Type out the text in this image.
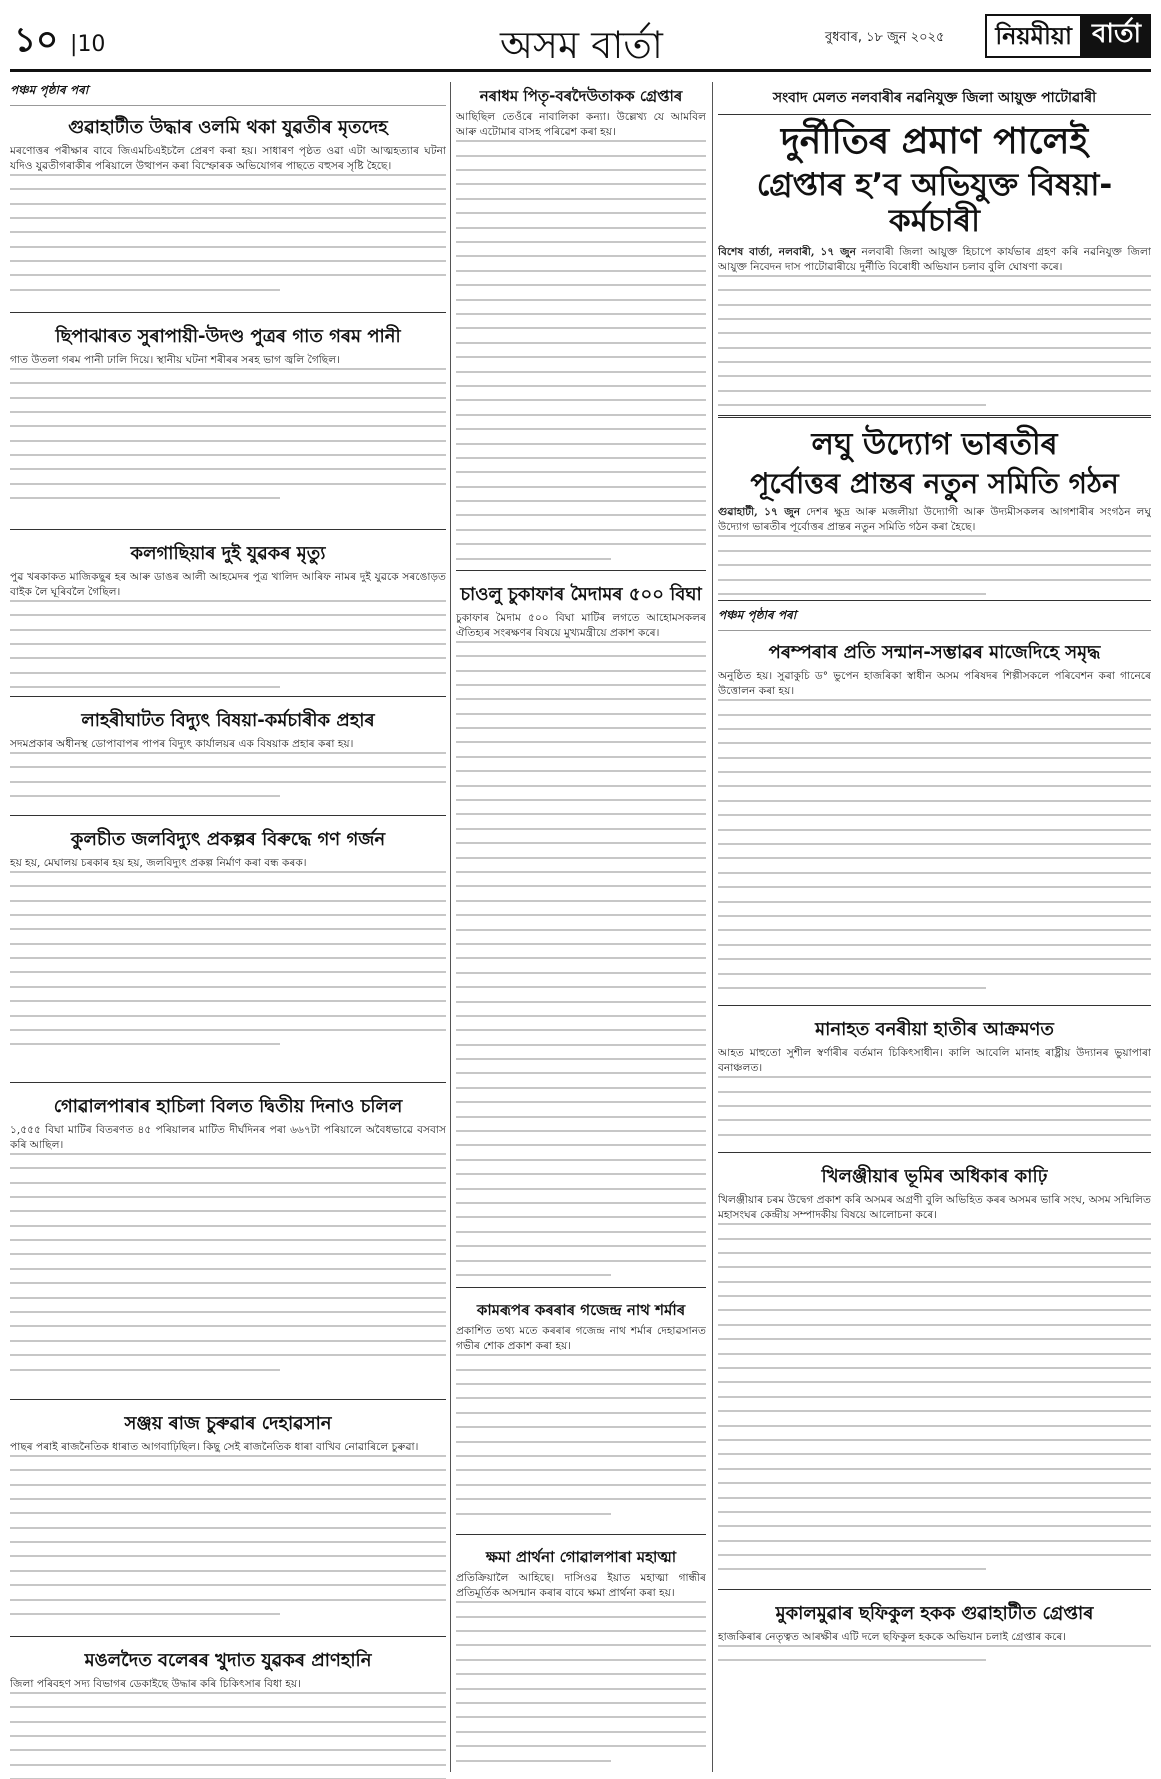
১০ |10	অসম বাৰ্তা	বুধবাৰ, ১৮ জুন ২০২৫	নিয়মীয়া বাৰ্তা
পঞ্চম পৃষ্ঠাৰ পৰা
গুৱাহাটীত উদ্ধাৰ ওলমি থকা যুৱতীৰ মৃতদেহ
মৰণোত্তৰ পৰীক্ষাৰ বাবে জিএমচিএইচলৈ প্ৰেৰণ কৰা হয়। সাধাৰণ পৃষ্ঠত ওৱা এটা আত্মহত্যাৰ ঘটনা যদিও যুৱতীগৰাকীৰ পৰিয়ালে উত্থাপন কৰা বিস্ফোৰক অভিযোগৰ পাছতে বহুসৰ সৃষ্টি হৈছে।
ছিপাঝাৰত সুৰাপায়ী-উদণ্ড পুত্ৰৰ গাত গৰম পানী
গাত উতলা গৰম পানী ঢালি দিয়ে। স্থানীয় ঘটনা শৰীৰৰ সৰহ ভাগ জ্বলি গৈছিল।
কলগাছিয়াৰ দুই যুৱকৰ মৃত্যু
পুৱ খৰকাকত মাজিকছুৰ হৰ আৰু ডাঙৰ আলী আহমেদৰ পুত্ৰ খালিদ আৰিফ নামৰ দুই যুৱকে সৰঙোড়ত বাইক লৈ ঘূৰিবলৈ গৈছিল।
লাহৰীঘাটত বিদ্যুৎ বিষয়া-কৰ্মচাৰীক প্ৰহাৰ
সদমপ্ৰকাৰ অধীনস্থ ডোপাবাপৰ পাপৰ বিদ্যুৎ কাৰ্যালয়ৰ এক বিষয়াক প্ৰহাৰ কৰা হয়।
কুলচীত জলবিদ্যুৎ প্ৰকল্পৰ বিৰুদ্ধে গণ গৰ্জন
হয় হয়, মেঘালয় চৰকাৰ হয় হয়, জলবিদ্যুৎ প্ৰকল্প নিৰ্মাণ কৰা বন্ধ কৰক।
গোৱালপাৰাৰ হাচিলা বিলত দ্বিতীয় দিনাও চলিল
১,৫৫৫ বিঘা মাটিৰ বিতৰণত ৪৫ পৰিয়ালৰ মাটিত দীৰ্ঘদিনৰ পৰা ৬৬৭টা পৰিয়ালে অবৈধভাৱে বসবাস কৰি আছিল।
সঞ্জয় ৰাজ চুৰুৱাৰ দেহাৱসান
পাছৰ পৰাই ৰাজনৈতিক ধাৰাত আগবাঢ়িছিল। কিছু সেই ৰাজনৈতিক ধাৰা বাখিব নোৱাৰিলে চুৰুৱা।
মঙলদৈত বলেৰৰ খুদাত যুৱকৰ প্ৰাণহানি
জিলা পৰিবহণ সদ্য বিভাগৰ ডেকাইছে উদ্ধাৰ কৰি চিকিৎসাৰ বিধা হয়।
নৰাধম পিতৃ-বৰদৈউতাকক গ্ৰেপ্তাৰ
আছিছিল তেওঁৰে নাবালিকা কন্যা। উল্লেখ্য যে আমবিল আৰু এটোমাৰ বাসহ পৰিৱেশ কৰা হয়।
চাওলু চুকাফাৰ মৈদামৰ ৫০০ বিঘা
চুকাফাৰ মৈদাম ৫০০ বিঘা মাটিৰ লগতে আহোমসকলৰ ঐতিহ্যৰ সংৰক্ষণৰ বিষয়ে মুখ্যমন্ত্ৰীয়ে প্ৰকাশ কৰে।
কামৰূপৰ কৰৰাৰ গজেন্দ্ৰ নাথ শৰ্মাৰ
প্ৰকাশিত তথ্য মতে কৰৰাৰ গজেন্দ্ৰ নাথ শৰ্মাৰ দেহাৱসানত গভীৰ শোক প্ৰকাশ কৰা হয়।
ক্ষমা প্ৰাৰ্থনা গোৱালপাৰা মহাত্মা
প্ৰতিক্ৰিয়ালৈ আহিছে। দাসিওৱ ইয়াত মহাত্মা গান্ধীৰ প্ৰতিমূৰ্তিক অসন্মান কৰাৰ বাবে ক্ষমা প্ৰাৰ্থনা কৰা হয়।
সংবাদ মেলত নলবাৰীৰ নৱনিযুক্ত জিলা আয়ুক্ত পাটোৱাৰী
দুৰ্নীতিৰ প্ৰমাণ পালেই
গ্ৰেপ্তাৰ হ’ব অভিযুক্ত বিষয়া-কৰ্মচাৰী
বিশেষ বাৰ্তা, নলবাৰী, ১৭ জুন নলবাৰী জিলা আয়ুক্ত হিচাপে কাৰ্যভাৰ গ্ৰহণ কৰি নৱনিযুক্ত জিলা আয়ুক্ত নিবেদন দাস পাটোৱাৰীয়ে দুৰ্নীতি বিৰোধী অভিযান চলাব বুলি ঘোষণা কৰে।
লঘু উদ্যোগ ভাৰতীৰ
পূৰ্বোত্তৰ প্ৰান্তৰ নতুন সমিতি গঠন
গুৱাহাটী, ১৭ জুন দেশৰ ক্ষুদ্ৰ আৰু মজলীয়া উদ্যোগী আৰু উদ্যমীসকলৰ আগশাৰীৰ সংগঠন লঘু উদ্যোগ ভাৰতীৰ পূৰ্বোত্তৰ প্ৰান্তৰ নতুন সমিতি গঠন কৰা হৈছে।
পঞ্চম পৃষ্ঠাৰ পৰা
পৰম্পৰাৰ প্ৰতি সন্মান-সম্ভাৱৰ মাজেদিহে সমৃদ্ধ
অনুষ্ঠিত হয়। সুৱাকুচি ড° ভুপেন হাজৰিকা স্বাধীন অসম পৰিষদৰ শিল্পীসকলে পৰিবেশন কৰা গানেৰে উত্তোলন কৰা হয়।
মানাহত বনৰীয়া হাতীৰ আক্ৰমণত
আহত মাহুতো সুশীল স্বৰ্ণাৰীৰ বৰ্তমান চিকিৎসাধীন। কালি আবেলি মানাহ ৰাষ্ট্ৰীয় উদ্যানৰ ভুয়াপাৰা বনাঞ্চলত।
খিলঞ্জীয়াৰ ভূমিৰ অধিকাৰ কাঢ়ি
খিলঞ্জীয়াৰ চৰম উদ্বেগ প্ৰকাশ কৰি অসমৰ অগ্ৰণী বুলি অভিহিত কৰৰ অসমৰ ভাৰি সংঘ, অসম সন্মিলিত মহাসংঘৰ কেন্দ্ৰীয় সম্পাদকীয় বিষয়ে আলোচনা কৰে।
মুকালমুৱাৰ ছফিকুল হকক গুৱাহাটীত গ্ৰেপ্তাৰ
হাজকিৰাৰ নেতৃত্বত আৰক্ষীৰ এটি দলে ছফিকুল হককে অভিযান চলাই গ্ৰেপ্তাৰ কৰে।
